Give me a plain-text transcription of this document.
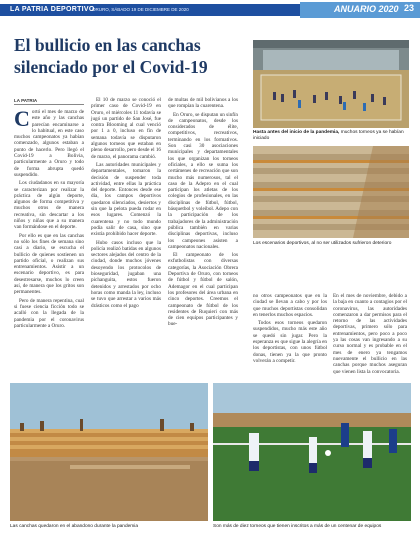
LA PATRIA DEPORTIVO
ORURO, SÁBADO 19 DE DICIEMBRE DE 2020	ANUARIO 2020 23
El bullicio en las canchas silenciado por el Covid-19
LA PATRIA

Cortó el mes de marzo de este año y las canchas parecían encaminarse a lo habitual, en este caso muchos campeonatos ya habían comenzado, algunos estaban a punto de hacerlo. Pero llegó el Covid-19 a Bolivia, particularmente a Oruro y todo de forma abrupta quedó suspendido.

Los ciudadanos en su mayoría se caracterizan por realizar la práctica de algún deporte, algunos de forma competitiva y muchos otros de manera recreativa, sin descartar a los niños y niñas que a su manera van formándose en el deporte.

Por ello es que en las canchas no sólo los fines de semana sino casi a diario, se escucha el bullicio de quienes sostienen un partido oficial, o realizan sus entrenamientos. Asistir a un escenario deportivo, es para desestresarse, muchos lo creen así, de manera que los gritos son permanentes.

Pero de manera repentina, cual si fuese ciencia ficción todo se acalló con la llegada de la pandemia por el coronavirus particularmente a Oruro.

El 10 de marzo se conoció el primer caso de Covid-19 en Oruro, el miércoles 11 todavía se jugó un partido de San José, fue contra Blooming al cual venció por 1 a 0, incluso en fin de semana todavía se disputaron algunos torneos que estaban en pleno desarrollo, pero desde el 16 de marzo, el panorama cambió.

Las autoridades municipales y departamentales, tomaron la decisión de suspender toda actividad, entre ellas la práctica del deporte. Entonces desde ese día, los campos deportivos quedaron silenciados, desiertos y sin que la pelota pueda rodar en esos lugares. Comenzó la cuarentena y no todo mundo podía salir de casa, sino que existía prohibido hacer deporte.

Hubo casos incluso que la policía realizó batidas en algunos sectores alejados del centro de la ciudad, donde muchos jóvenes desoyendo los protocolos de bioseguridad, jugaban una pichanguita, estos fueron detenidos y arrestados por ocho horas como manda la ley, incluso se tuvo que arrestar a varios más drásticos como el pago

de multas de mil bolivianos a los que rompían la cuarentena.

En Oruro, se disputan un sinfín de campeonatos, desde los considerados de élite, competitivos, recreativos, terminando en los formativos. Son casi 30 asociaciones municipales y departamentales los que organizan los torneos oficiales, a ello se suma los certámenes de recreación que son mucho más numerosos, tal el caso de la Adepro en el cual participan los atletas de los colegios de profesionales, en las disciplinas de fútbol, fútbol, básquetbol y voleibol. Adepo con la participación de los trabajadores de la administración pública también en varias disciplinas deportivas, incluso los campeones asisten a campeonatos nacionales.

El campeonato de los exfutbolistas con diversas categorías, la Asociación Obrera Deportiva de Oruro, con torneos de fútbol y fútbol de salón, Ademagor en el cual participan los profesores del área urbana en cinco deportes. Creemos el campeonato de fútbol de los residentes de Ruquieri con más de cien equipos participantes y bue-

no otros campeonatos que en la ciudad se llevan a cabo y por los que muchos deportistas consolidan en tenerlos muchos espacios.

Todos esos torneos quedaron suspendidos, mucho más este año se quedó sin jugar. Pero la esperanza es que sigue la alegría en los deportistas, con unos fútbol donas, tienen ya la que pronto volverán a competir.

En el mes de noviembre, debido a la baja en cuanto a contagios por el coronavirus, las autoridades comenzaron a dar permisos para el retorno de las actividades deportivas, primero sólo para entrenamientos, pero poco a poco ya las cosas van ingresando a su curso normal y es probable en el mes de enero ya tengamos nuevamente el bullicio en las canchas porque muchos aseguran que vienen lista la convocatoria.

Hasta antes del inicio de la pandemia, muchos torneos ya se habían iniciado
Los escenarios deportivos, al no ser utilizados sufrieron deterioro
Las canchas quedaron en el abandono durante la pandemia	Son más de diez torneos que tienen inscritos a más de un centenar de equipos
